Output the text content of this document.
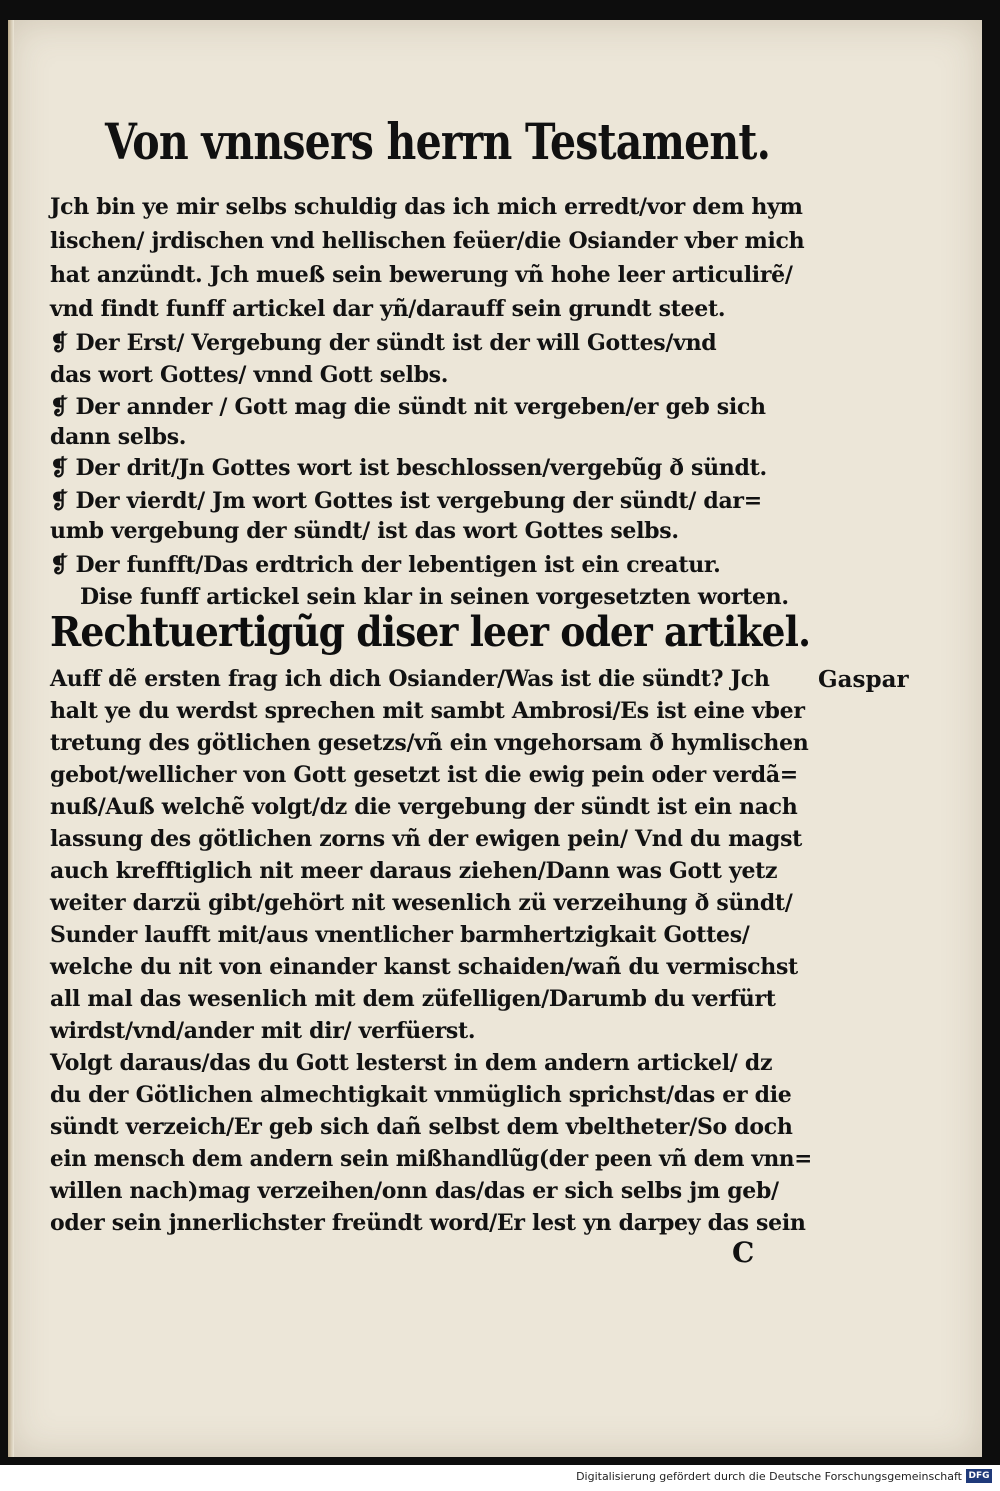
Von vnnsers herrn Testament.
Jch bin ye mir selbs schuldig das ich mich erredt/vor dem hym
lischen/ jrdischen vnd hellischen feüer/die Osiander vber mich
hat anzündt. Jch mueß sein bewerung vñ hohe leer articulirẽ/
vnd findt funff artickel dar yñ/darauff sein grundt steet.
❡ Der Erst/ Vergebung der sündt ist der will Gottes/vnd
das wort Gottes/ vnnd Gott selbs.
❡ Der annder / Gott mag die sündt nit vergeben/er geb sich
dann selbs.
❡ Der drit/Jn Gottes wort ist beschlossen/vergebũg ð sündt.
❡ Der vierdt/ Jm wort Gottes ist vergebung der sündt/ dar=
umb vergebung der sündt/ ist das wort Gottes selbs.
❡ Der funfft/Das erdtrich der lebentigen ist ein creatur.
Dise funff artickel sein klar in seinen vorgesetzten worten.
Rechtuertigũg diser leer oder artikel.
Gaspar
Auff dẽ ersten frag ich dich Osiander/Was ist die sündt? Jch
halt ye du werdst sprechen mit sambt Ambrosi/Es ist eine vber
tretung des götlichen gesetzs/vñ ein vngehorsam ð hymlischen
gebot/wellicher von Gott gesetzt ist die ewig pein oder verdã=
nuß/Auß welchẽ volgt/dz die vergebung der sündt ist ein nach
lassung des götlichen zorns vñ der ewigen pein/ Vnd du magst
auch krefftiglich nit meer daraus ziehen/Dann was Gott yetz
weiter darzü gibt/gehört nit wesenlich zü verzeihung ð sündt/
Sunder laufft mit/aus vnentlicher barmhertzigkait Gottes/
welche du nit von einander kanst schaiden/wañ du vermischst
all mal das wesenlich mit dem züfelligen/Darumb du verfürt
wirdst/vnd/ander mit dir/ verfüerst.
Volgt daraus/das du Gott lesterst in dem andern artickel/ dz
du der Götlichen almechtigkait vnmüglich sprichst/das er die
sündt verzeich/Er geb sich dañ selbst dem vbeltheter/So doch
ein mensch dem andern sein mißhandlũg(der peen vñ dem vnn=
willen nach)mag verzeihen/onn das/das er sich selbs jm geb/
oder sein jnnerlichster freündt word/Er lest yn darpey das sein
C
Digitalisierung gefördert durch die Deutsche Forschungsgemeinschaft DFG
